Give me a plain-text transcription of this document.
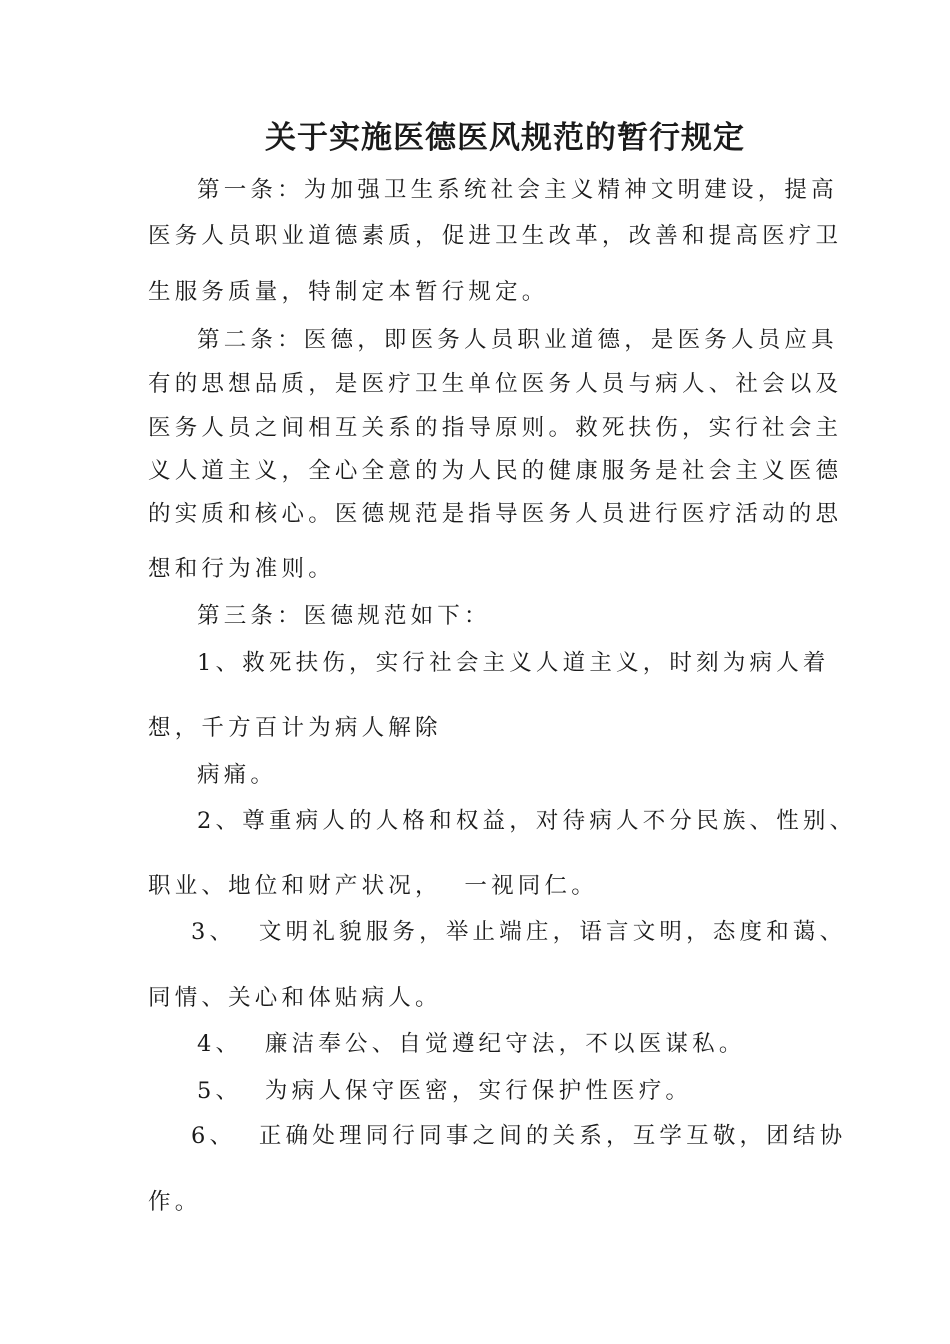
关于实施医德医风规范的暂行规定
第一条：为加强卫生系统社会主义精神文明建设，提高
医务人员职业道德素质，促进卫生改革，改善和提高医疗卫
生服务质量，特制定本暂行规定。
第二条：医德，即医务人员职业道德，是医务人员应具
有的思想品质，是医疗卫生单位医务人员与病人、社会以及
医务人员之间相互关系的指导原则。救死扶伤，实行社会主
义人道主义，全心全意的为人民的健康服务是社会主义医德
的实质和核心。医德规范是指导医务人员进行医疗活动的思
想和行为准则。
第三条：医德规范如下：
1、救死扶伤，实行社会主义人道主义，时刻为病人着
想，千方百计为病人解除
病痛。
2、尊重病人的人格和权益，对待病人不分民族、性别、
职业、地位和财产状况，  一视同仁。
3、  文明礼貌服务，举止端庄，语言文明，态度和蔼、
同情、关心和体贴病人。
4、  廉洁奉公、自觉遵纪守法，不以医谋私。
5、  为病人保守医密，实行保护性医疗。
6、  正确处理同行同事之间的关系，互学互敬，团结协
作。
